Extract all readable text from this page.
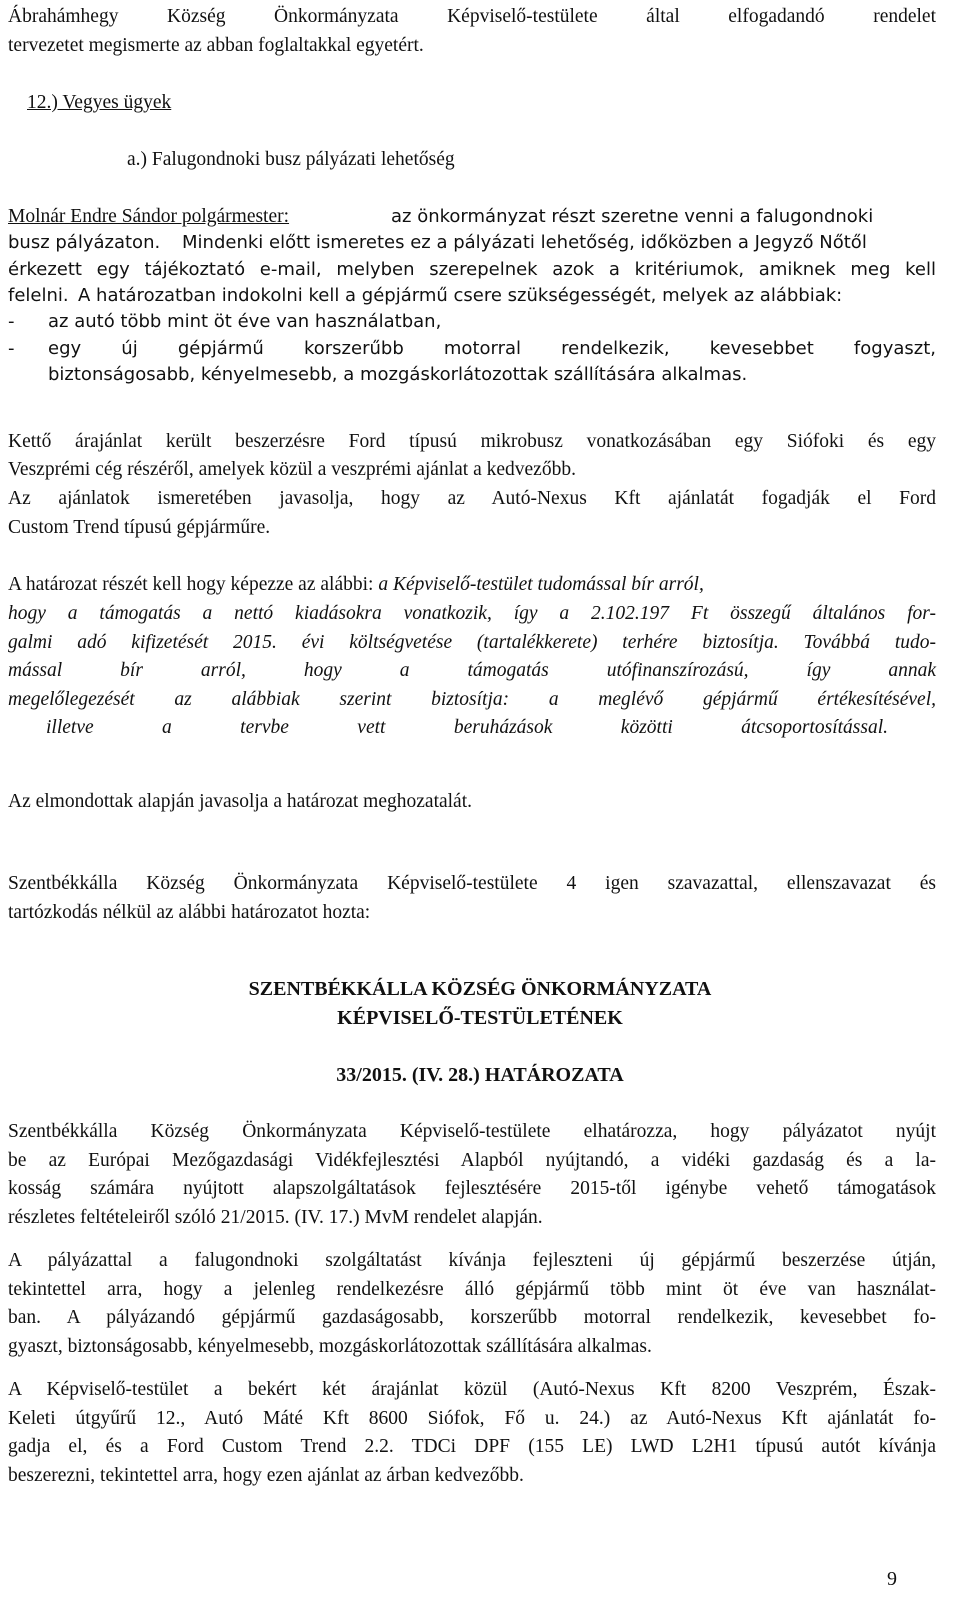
Ábrahámhegy Község Önkormányzata Képviselő-testülete által elfogadandó rendelet
tervezetet megismerte az abban foglaltakkal egyetért.
12.) Vegyes ügyek
a.) Falugondnoki busz pályázati lehetőség
Molnár Endre Sándor polgármester:	az önkormányzat részt szeretne venni a falugondnoki
busz pályázaton. Mindenki előtt ismeretes ez a pályázati lehetőség, időközben a Jegyző Nőtől
érkezett egy tájékoztató e-mail, melyben szerepelnek azok a kritériumok, amiknek meg kell
felelni. A határozatban indokolni kell a gépjármű csere szükségességét, melyek az alábbiak:
- az autó több mint öt éve van használatban,
- egy új gépjármű korszerűbb motorral rendelkezik, kevesebbet fogyaszt,
biztonságosabb, kényelmesebb, a mozgáskorlátozottak szállítására alkalmas.
Kettő árajánlat került beszerzésre Ford típusú mikrobusz vonatkozásában egy Siófoki és egy
Veszprémi cég részéről, amelyek közül a veszprémi ajánlat a kedvezőbb.
Az ajánlatok ismeretében javasolja, hogy az Autó-Nexus Kft ajánlatát fogadják el Ford
Custom Trend típusú gépjárműre.
A határozat részét kell hogy képezze az alábbi: a Képviselő-testület tudomással bír arról,
hogy a támogatás a nettó kiadásokra vonatkozik, így a 2.102.197 Ft összegű általános for-
galmi adó kifizetését 2015. évi költségvetése (tartalékkerete) terhére biztosítja. Továbbá tudo-
mással bír arról, hogy a támogatás utófinanszírozású, így annak
megelőlegezését az alábbiak szerint biztosítja: a meglévő gépjármű értékesítésével,
illetve a tervbe vett beruházások közötti átcsoportosítással.
Az elmondottak alapján javasolja a határozat meghozatalát.
Szentbékkálla Község Önkormányzata Képviselő-testülete 4 igen szavazattal, ellenszavazat és
tartózkodás nélkül az alábbi határozatot hozta:
SZENTBÉKKÁLLA KÖZSÉG ÖNKORMÁNYZATA
KÉPVISELŐ-TESTÜLETÉNEK
33/2015. (IV. 28.) HATÁROZATA
Szentbékkálla Község Önkormányzata Képviselő-testülete elhatározza, hogy pályázatot nyújt
be az Európai Mezőgazdasági Vidékfejlesztési Alapból nyújtandó, a vidéki gazdaság és a la-
kosság számára nyújtott alapszolgáltatások fejlesztésére 2015-től igénybe vehető támogatások
részletes feltételeiről szóló 21/2015. (IV. 17.) MvM rendelet alapján.
A pályázattal a falugondnoki szolgáltatást kívánja fejleszteni új gépjármű beszerzése útján,
tekintettel arra, hogy a jelenleg rendelkezésre álló gépjármű több mint öt éve van használat-
ban. A pályázandó gépjármű gazdaságosabb, korszerűbb motorral rendelkezik, kevesebbet fo-
gyaszt, biztonságosabb, kényelmesebb, mozgáskorlátozottak szállítására alkalmas.
A Képviselő-testület a bekért két árajánlat közül (Autó-Nexus Kft 8200 Veszprém, Észak-
Keleti útgyűrű 12., Autó Máté Kft 8600 Siófok, Fő u. 24.) az Autó-Nexus Kft ajánlatát fo-
gadja el, és a Ford Custom Trend 2.2. TDCi DPF (155 LE) LWD L2H1 típusú autót kívánja
beszerezni, tekintettel arra, hogy ezen ajánlat az árban kedvezőbb.
9
